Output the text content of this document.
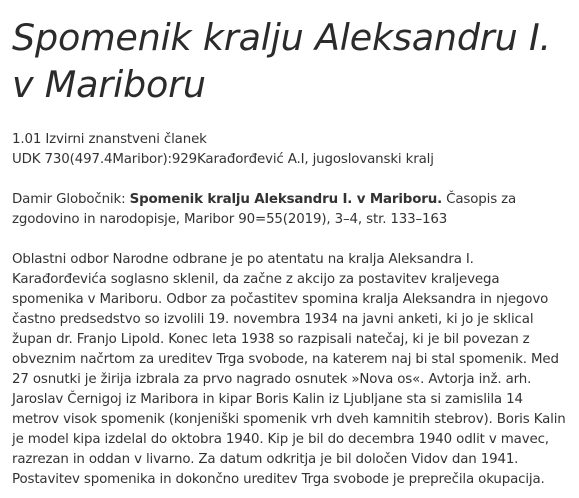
Spomenik kralju Aleksandru I. v Mariboru
1.01 Izvirni znanstveni članek
UDK 730(497.4Maribor):929Karađorđević A.I, jugoslovanski kralj
Damir Globočnik: Spomenik kralju Aleksandru I. v Mariboru. Časopis za zgodovino in narodopisje, Maribor 90=55(2019), 3–4, str. 133–163
Oblastni odbor Narodne odbrane je po atentatu na kralja Aleksandra I. Karađorđevića soglasno sklenil, da začne z akcijo za postavitev kraljevega spomenika v Mariboru. Odbor za počastitev spomina kralja Aleksandra in njegovo častno predsedstvo so izvolili 19. novembra 1934 na javni anketi, ki jo je sklical župan dr. Franjo Lipold. Konec leta 1938 so razpisali natečaj, ki je bil povezan z obveznim načrtom za ureditev Trga svobode, na katerem naj bi stal spomenik. Med 27 osnutki je žirija izbrala za prvo nagrado osnutek »Nova os«. Avtorja inž. arh. Jaroslav Černigoj iz Maribora in kipar Boris Kalin iz Ljubljane sta si zamislila 14 metrov visok spomenik (konjeniški spomenik vrh dveh kamnitih stebrov). Boris Kalin je model kipa izdelal do oktobra 1940. Kip je bil do decembra 1940 odlit v mavec, razrezan in oddan v livarno. Za datum odkritja je bil določen Vidov dan 1941. Postavitev spomenika in dokončno ureditev Trga svobode je preprečila okupacija.
